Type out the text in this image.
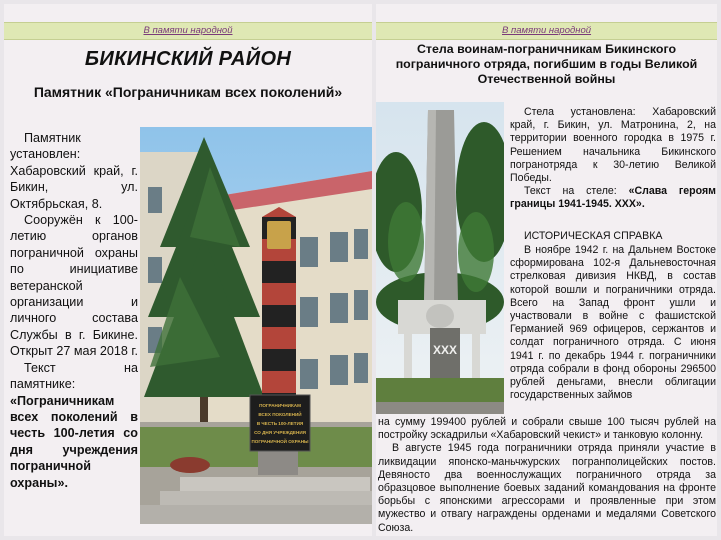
В памяти народной
БИКИНСКИЙ РАЙОН
Памятник «Пограничникам всех поколений»

Памятник установлен: Хабаровский край, г. Бикин, ул. Октябрьская, 8.

Сооружён к 100-летию органов пограничной охраны по инициативе ветеранской организации и личного состава Службы в г. Бикине. Открыт 27 мая 2018 г.

Текст на памятнике: «Пограничникам всех поколений в честь 100-летия со дня учреждения пограничной охраны».

ПОГРАНИЧНИКАМ
ВСЕХ ПОКОЛЕНИЙ
В ЧЕСТЬ 100-ЛЕТИЯ
СО ДНЯ УЧРЕЖДЕНИЯ
ПОГРАНИЧНОЙ ОХРАНЫ
В памяти народной
Стела воинам-пограничникам Бикинского пограничного отряда, погибшим в годы Великой Отечественной войны
XXX

Стела установлена: Хабаровский край, г. Бикин, ул. Матронина, 2, на территории военного городка в 1975 г. Решением начальника Бикинского погранотряда к 30-летию Великой Победы.

Текст на стеле: «Слава героям границы 1941-1945. XXX».

ИСТОРИЧЕСКАЯ СПРАВКА
В ноябре 1942 г. на Дальнем Востоке сформирована 102-я Дальневосточная стрелковая дивизия НКВД, в состав которой вошли и пограничники отряда. Всего на Запад фронт ушли и участвовали в войне с фашистской Германией 969 офицеров, сержантов и солдат пограничного отряда. С июня 1941 г. по декабрь 1944 г. пограничники отряда собрали в фонд обороны 296500 рублей деньгами, внесли облигации государственных займов

на сумму 199400 рублей и собрали свыше 100 тысяч рублей на постройку эскадрильи «Хабаровский чекист» и танковую колонну.

В августе 1945 года пограничники отряда приняли участие в ликвидации японско-маньчжурских погранполицейских постов. Девяносто два военнослужащих пограничного отряда за образцовое выполнение боевых заданий командования на фронте борьбы с японскими агрессорами и проявленные при этом мужество и отвагу награждены орденами и медалями Советского Союза.
